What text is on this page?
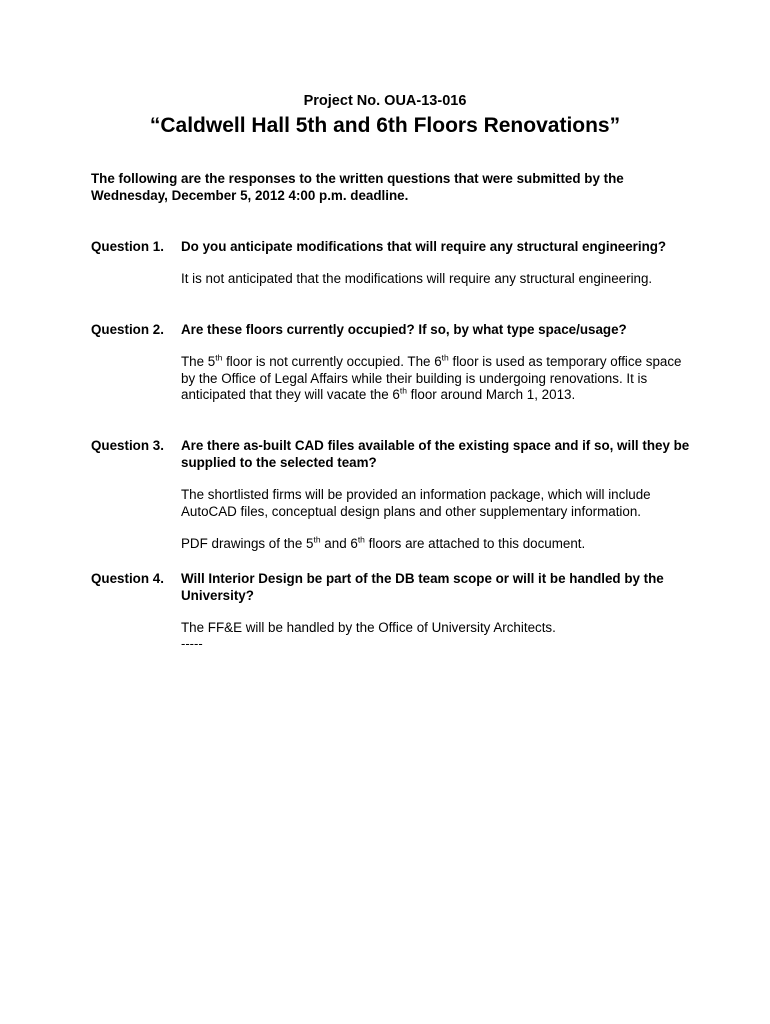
Project No. OUA-13-016
“Caldwell Hall 5th and 6th Floors Renovations”

The following are the responses to the written questions that were submitted by the Wednesday, December 5, 2012 4:00 p.m. deadline.

Question 1.	Do you anticipate modifications that will require any structural engineering?
It is not anticipated that the modifications will require any structural engineering.
Question 2.	Are these floors currently occupied? If so, by what type space/usage?
The 5th floor is not currently occupied. The 6th floor is used as temporary office space by the Office of Legal Affairs while their building is undergoing renovations. It is anticipated that they will vacate the 6th floor around March 1, 2013.
Question 3.	Are there as-built CAD files available of the existing space and if so, will they be supplied to the selected team?
The shortlisted firms will be provided an information package, which will include AutoCAD files, conceptual design plans and other supplementary information.
PDF drawings of the 5th and 6th floors are attached to this document.
Question 4.	Will Interior Design be part of the DB team scope or will it be handled by the University?
The FF&E will be handled by the Office of University Architects.
-----
